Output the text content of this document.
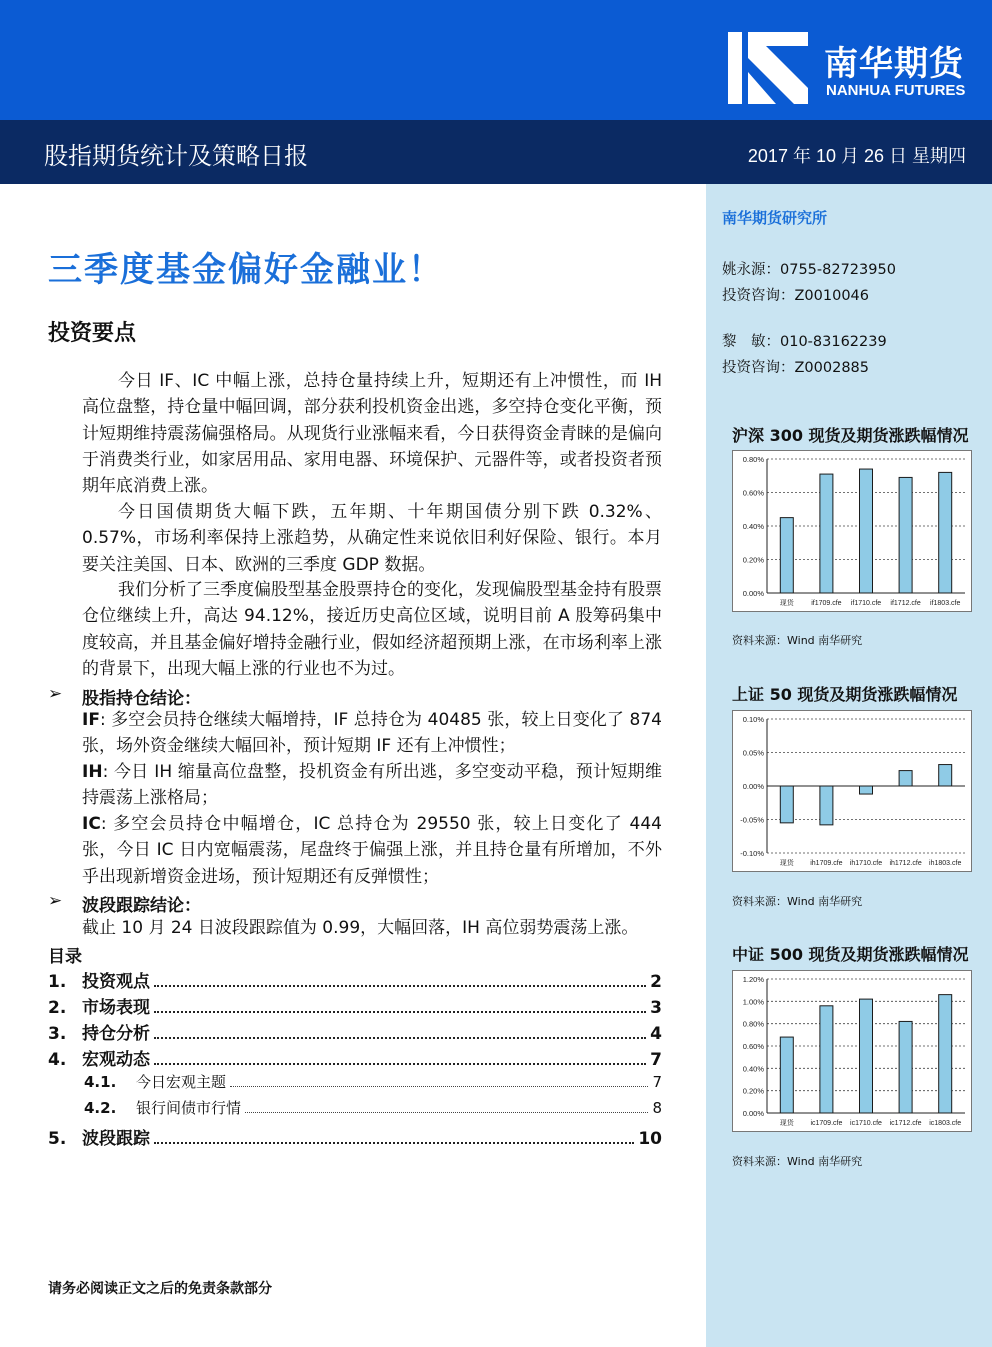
南华期货
NANHUA FUTURES
股指期货统计及策略日报	2017 年 10 月 26 日 星期四
南华期货研究所
姚永源：0755-82723950
投资咨询：Z0010046
黎　敏：010-83162239
投资咨询：Z0002885
沪深 300 现货及期货涨跌幅情况
0.00%
0.20%
0.40%
0.60%
0.80%
现货 if1709.cfe if1710.cfe if1712.cfe if1803.cfe
资料来源：Wind 南华研究
上证 50 现货及期货涨跌幅情况
-0.10%
-0.05%
0.00%
0.05%
0.10%
现货 ih1709.cfe ih1710.cfe ih1712.cfe ih1803.cfe
资料来源：Wind 南华研究
中证 500 现货及期货涨跌幅情况
0.00%
0.20%
0.40%
0.60%
0.80%
1.00%
1.20%
现货 ic1709.cfe ic1710.cfe ic1712.cfe ic1803.cfe
资料来源：Wind 南华研究
三季度基金偏好金融业！
投资要点

今日 IF、IC 中幅上涨，总持仓量持续上升，短期还有上冲惯性，而 IH 高位盘整，持仓量中幅回调，部分获利投机资金出逃，多空持仓变化平衡，预计短期维持震荡偏强格局。从现货行业涨幅来看，今日获得资金青睐的是偏向于消费类行业，如家居用品、家用电器、环境保护、元器件等，或者投资者预期年底消费上涨。

今日国债期货大幅下跌，五年期、十年期国债分别下跌 0.32%、0.57%，市场利率保持上涨趋势，从确定性来说依旧利好保险、银行。本月要关注美国、日本、欧洲的三季度 GDP 数据。

我们分析了三季度偏股型基金股票持仓的变化，发现偏股型基金持有股票仓位继续上升，高达 94.12%，接近历史高位区域，说明目前 A 股筹码集中度较高，并且基金偏好增持金融行业，假如经济超预期上涨，在市场利率上涨的背景下，出现大幅上涨的行业也不为过。

➢ 股指持仓结论：

IF: 多空会员持仓继续大幅增持，IF 总持仓为 40485 张，较上日变化了 874 张，场外资金继续大幅回补，预计短期 IF 还有上冲惯性；

IH: 今日 IH 缩量高位盘整，投机资金有所出逃，多空变动平稳，预计短期维持震荡上涨格局；

IC: 多空会员持仓中幅增仓，IC 总持仓为 29550 张，较上日变化了 444 张，今日 IC 日内宽幅震荡，尾盘终于偏强上涨，并且持仓量有所增加，不外乎出现新增资金进场，预计短期还有反弹惯性；

➢ 波段跟踪结论：

截止 10 月 24 日波段跟踪值为 0.99，大幅回落，IH 高位弱势震荡上涨。

目录
1. 投资观点	2
2. 市场表现	3
3. 持仓分析	4
4. 宏观动态	7
4.1.	今日宏观主题	7
4.2.	银行间债市行情	8
5. 波段跟踪	10
请务必阅读正文之后的免责条款部分
